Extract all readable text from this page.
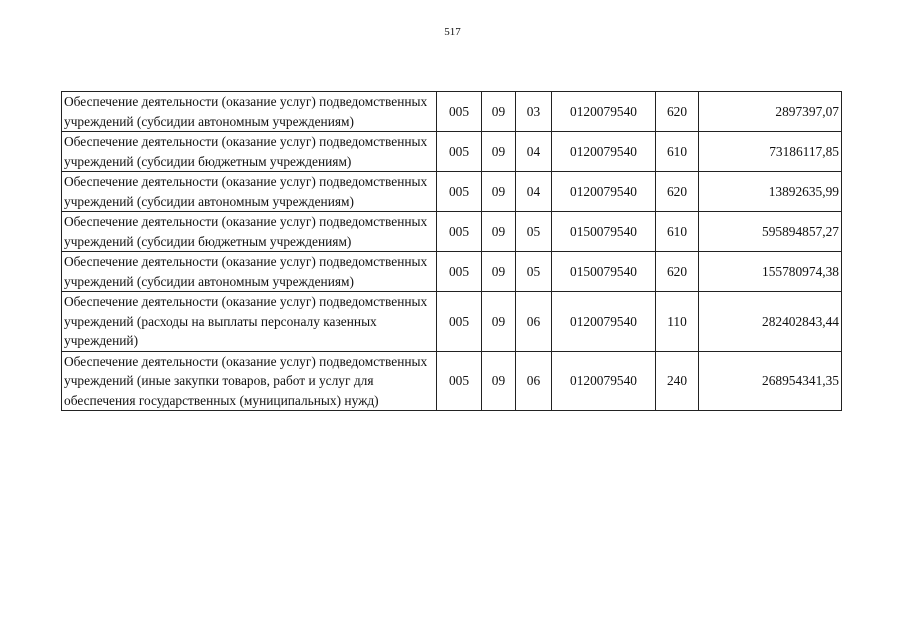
517
Обеспечение деятельности (оказание услуг) подведомственных учреждений (субсидии автономным учреждениям)	005	09	03	0120079540	620	2897397,07
Обеспечение деятельности (оказание услуг) подведомственных учреждений (субсидии бюджетным учреждениям)	005	09	04	0120079540	610	73186117,85
Обеспечение деятельности (оказание услуг) подведомственных учреждений (субсидии автономным учреждениям)	005	09	04	0120079540	620	13892635,99
Обеспечение деятельности (оказание услуг) подведомственных учреждений (субсидии бюджетным учреждениям)	005	09	05	0150079540	610	595894857,27
Обеспечение деятельности (оказание услуг) подведомственных учреждений (субсидии автономным учреждениям)	005	09	05	0150079540	620	155780974,38
Обеспечение деятельности (оказание услуг) подведомственных учреждений (расходы на выплаты персоналу казенных учреждений)	005	09	06	0120079540	110	282402843,44
Обеспечение деятельности (оказание услуг) подведомственных учреждений (иные закупки товаров, работ и услуг для обеспечения государственных (муниципальных) нужд)	005	09	06	0120079540	240	268954341,35
